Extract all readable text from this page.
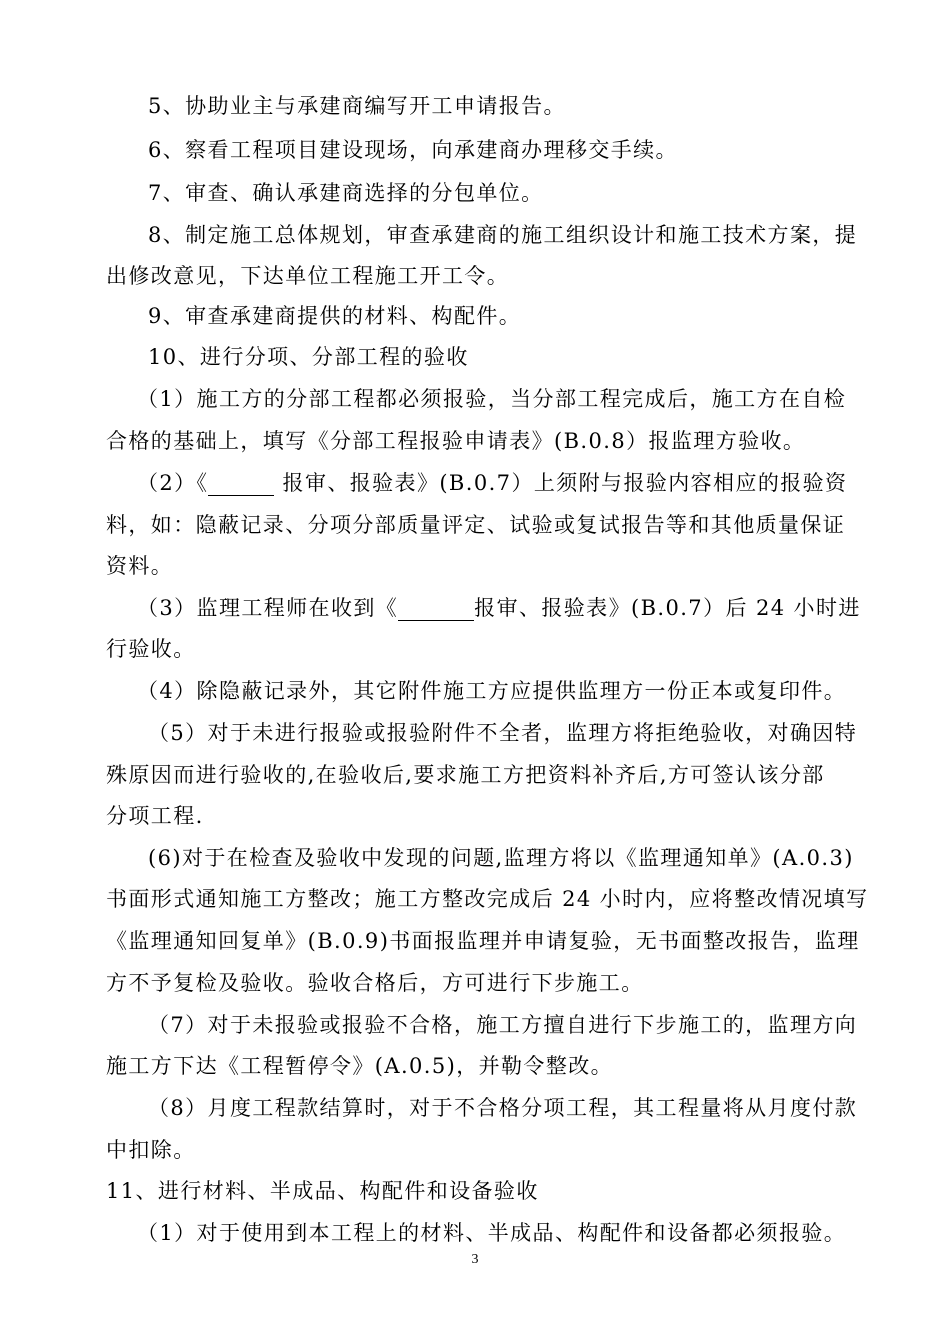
5、协助业主与承建商编写开工申请报告。
6、察看工程项目建设现场，向承建商办理移交手续。
7、审查、确认承建商选择的分包单位。
8、制定施工总体规划，审查承建商的施工组织设计和施工技术方案，提
出修改意见，下达单位工程施工开工令。
9、审查承建商提供的材料、构配件。
10、进行分项、分部工程的验收
（1）施工方的分部工程都必须报验，当分部工程完成后，施工方在自检
合格的基础上，填写《分部工程报验申请表》(B.0.8）报监理方验收。
（2）《	报审、报验表》(B.0.7）上须附与报验内容相应的报验资
料，如：隐蔽记录、分项分部质量评定、试验或复试报告等和其他质量保证
资料。
（3）监理工程师在收到《	报审、报验表》(B.0.7）后 24 小时进
行验收。
（4）除隐蔽记录外，其它附件施工方应提供监理方一份正本或复印件。
（5）对于未进行报验或报验附件不全者，监理方将拒绝验收，对确因特
殊原因而进行验收的,在验收后,要求施工方把资料补齐后,方可签认该分部
分项工程.
(6)对于在检查及验收中发现的问题,监理方将以《监理通知单》(A.0.3)
书面形式通知施工方整改；施工方整改完成后 24 小时内，应将整改情况填写
《监理通知回复单》(B.0.9)书面报监理并申请复验，无书面整改报告，监理
方不予复检及验收。验收合格后，方可进行下步施工。
（7）对于未报验或报验不合格，施工方擅自进行下步施工的，监理方向
施工方下达《工程暂停令》(A.0.5)，并勒令整改。
（8）月度工程款结算时，对于不合格分项工程，其工程量将从月度付款
中扣除。
11、进行材料、半成品、构配件和设备验收
（1）对于使用到本工程上的材料、半成品、构配件和设备都必须报验。
3
